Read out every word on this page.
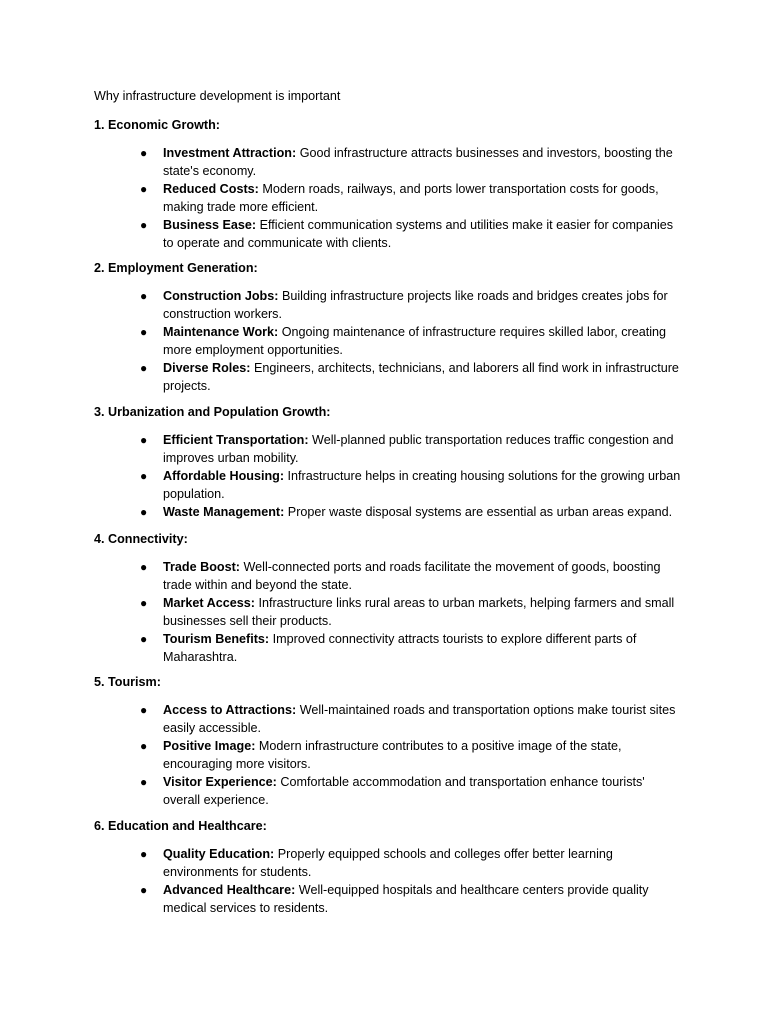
Why infrastructure development is important

1. Economic Growth:

● Investment Attraction: Good infrastructure attracts businesses and investors, boosting the state's economy.
● Reduced Costs: Modern roads, railways, and ports lower transportation costs for goods, making trade more efficient.
● Business Ease: Efficient communication systems and utilities make it easier for companies to operate and communicate with clients.

2. Employment Generation:

● Construction Jobs: Building infrastructure projects like roads and bridges creates jobs for construction workers.
● Maintenance Work: Ongoing maintenance of infrastructure requires skilled labor, creating more employment opportunities.
● Diverse Roles: Engineers, architects, technicians, and laborers all find work in infrastructure projects.

3. Urbanization and Population Growth:

● Efficient Transportation: Well-planned public transportation reduces traffic congestion and improves urban mobility.
● Affordable Housing: Infrastructure helps in creating housing solutions for the growing urban population.
● Waste Management: Proper waste disposal systems are essential as urban areas expand.

4. Connectivity:

● Trade Boost: Well-connected ports and roads facilitate the movement of goods, boosting trade within and beyond the state.
● Market Access: Infrastructure links rural areas to urban markets, helping farmers and small businesses sell their products.
● Tourism Benefits: Improved connectivity attracts tourists to explore different parts of Maharashtra.

5. Tourism:

● Access to Attractions: Well-maintained roads and transportation options make tourist sites easily accessible.
● Positive Image: Modern infrastructure contributes to a positive image of the state, encouraging more visitors.
● Visitor Experience: Comfortable accommodation and transportation enhance tourists' overall experience.

6. Education and Healthcare:

● Quality Education: Properly equipped schools and colleges offer better learning environments for students.
● Advanced Healthcare: Well-equipped hospitals and healthcare centers provide quality medical services to residents.
